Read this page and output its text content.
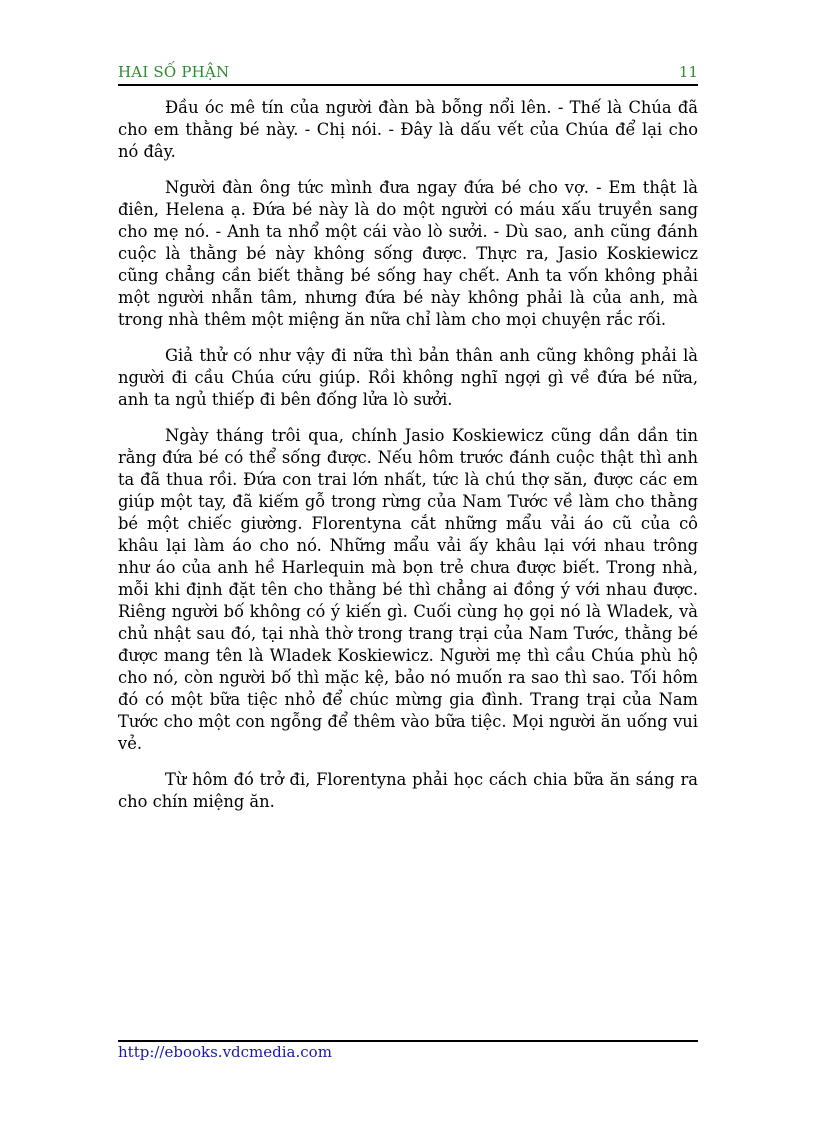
HAI SỐ PHẬN	11

Đầu óc mê tín của người đàn bà bỗng nổi lên. - Thế là Chúa đã cho em thằng bé này. - Chị nói. - Đây là dấu vết của Chúa để lại cho nó đây.

Người đàn ông tức mình đưa ngay đứa bé cho vợ. - Em thật là điên, Helena ạ. Đứa bé này là do một người có máu xấu truyền sang cho mẹ nó. - Anh ta nhổ một cái vào lò sưởi. - Dù sao, anh cũng đánh cuộc là thằng bé này không sống được. Thực ra, Jasio Koskiewicz cũng chẳng cần biết thằng bé sống hay chết. Anh ta vốn không phải một người nhẫn tâm, nhưng đứa bé này không phải là của anh, mà trong nhà thêm một miệng ăn nữa chỉ làm cho mọi chuyện rắc rối.

Giả thử có như vậy đi nữa thì bản thân anh cũng không phải là người đi cầu Chúa cứu giúp. Rồi không nghĩ ngợi gì về đứa bé nữa, anh ta ngủ thiếp đi bên đống lửa lò sưởi.

Ngày tháng trôi qua, chính Jasio Koskiewicz cũng dần dần tin rằng đứa bé có thể sống được. Nếu hôm trước đánh cuộc thật thì anh ta đã thua rồi. Đứa con trai lớn nhất, tức là chú thợ săn, được các em giúp một tay, đã kiếm gỗ trong rừng của Nam Tước về làm cho thằng bé một chiếc giường. Florentyna cắt những mẩu vải áo cũ của cô khâu lại làm áo cho nó. Những mẩu vải ấy khâu lại với nhau trông như áo của anh hề Harlequin mà bọn trẻ chưa được biết. Trong nhà, mỗi khi định đặt tên cho thằng bé thì chẳng ai đồng ý với nhau được. Riêng người bố không có ý kiến gì. Cuối cùng họ gọi nó là Wladek, và chủ nhật sau đó, tại nhà thờ trong trang trại của Nam Tước, thằng bé được mang tên là Wladek Koskiewicz. Người mẹ thì cầu Chúa phù hộ cho nó, còn người bố thì mặc kệ, bảo nó muốn ra sao thì sao. Tối hôm đó có một bữa tiệc nhỏ để chúc mừng gia đình. Trang trại của Nam Tước cho một con ngỗng để thêm vào bữa tiệc. Mọi người ăn uống vui vẻ.

Từ hôm đó trở đi, Florentyna phải học cách chia bữa ăn sáng ra cho chín miệng ăn.

http://ebooks.vdcmedia.com
